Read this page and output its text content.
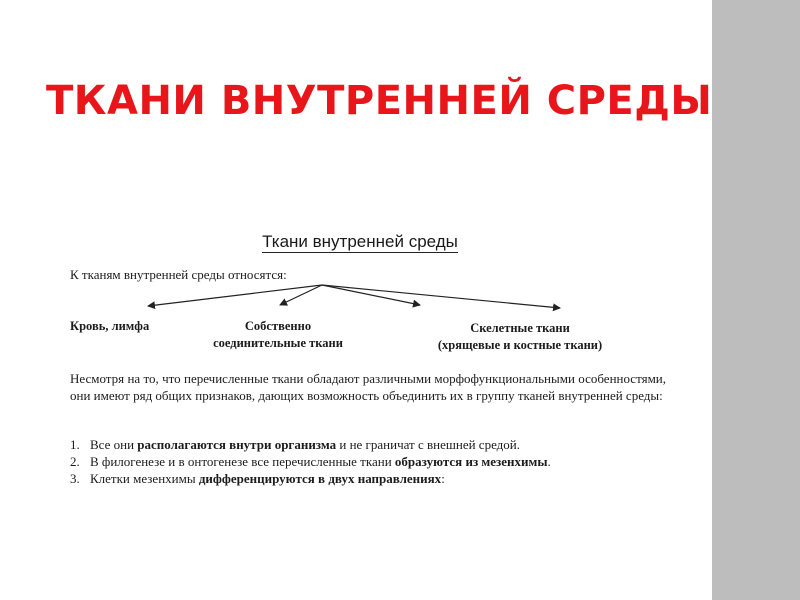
ТКАНИ ВНУТРЕННЕЙ СРЕДЫ
Ткани внутренней среды
К тканям внутренней среды относятся:
Кровь, лимфа	Собственно
соединительные ткани
Скелетные ткани
(хрящевые и костные ткани)
Несмотря на то, что перечисленные ткани обладают различными морфофункциональными особенностями, они имеют ряд общих признаков, дающих возможность объединить их в группу тканей внутренней среды:
1. Все они располагаются внутри организма и не граничат с внешней средой.
2. В филогенезе и в онтогенезе все перечисленные ткани образуются из мезенхимы.
3. Клетки мезенхимы дифференцируются в двух направлениях:
